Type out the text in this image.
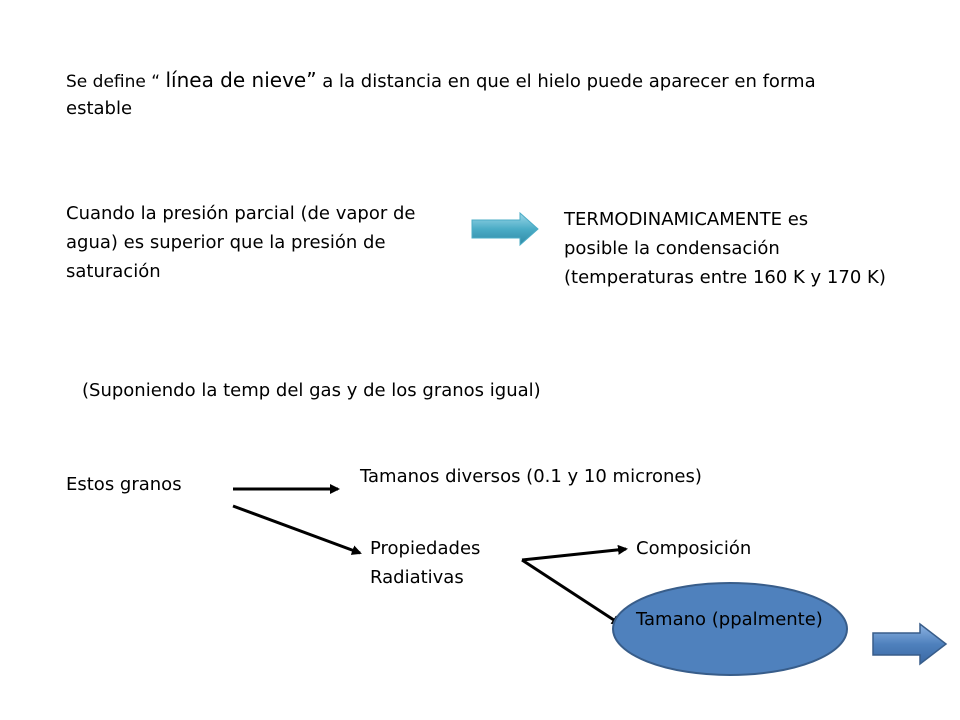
Se define “ línea de nieve” a la distancia en que el hielo puede aparecer en forma
estable
Cuando la presión parcial (de vapor de
agua) es superior que la presión de
saturación
TERMODINAMICAMENTE es
posible la condensación
(temperaturas entre 160 K y 170 K)
(Suponiendo la temp del gas y de los granos igual)
Estos granos	Tamanos diversos (0.1 y 10 micrones)
Propiedades
Radiativas
Composición
Tamano (ppalmente)
